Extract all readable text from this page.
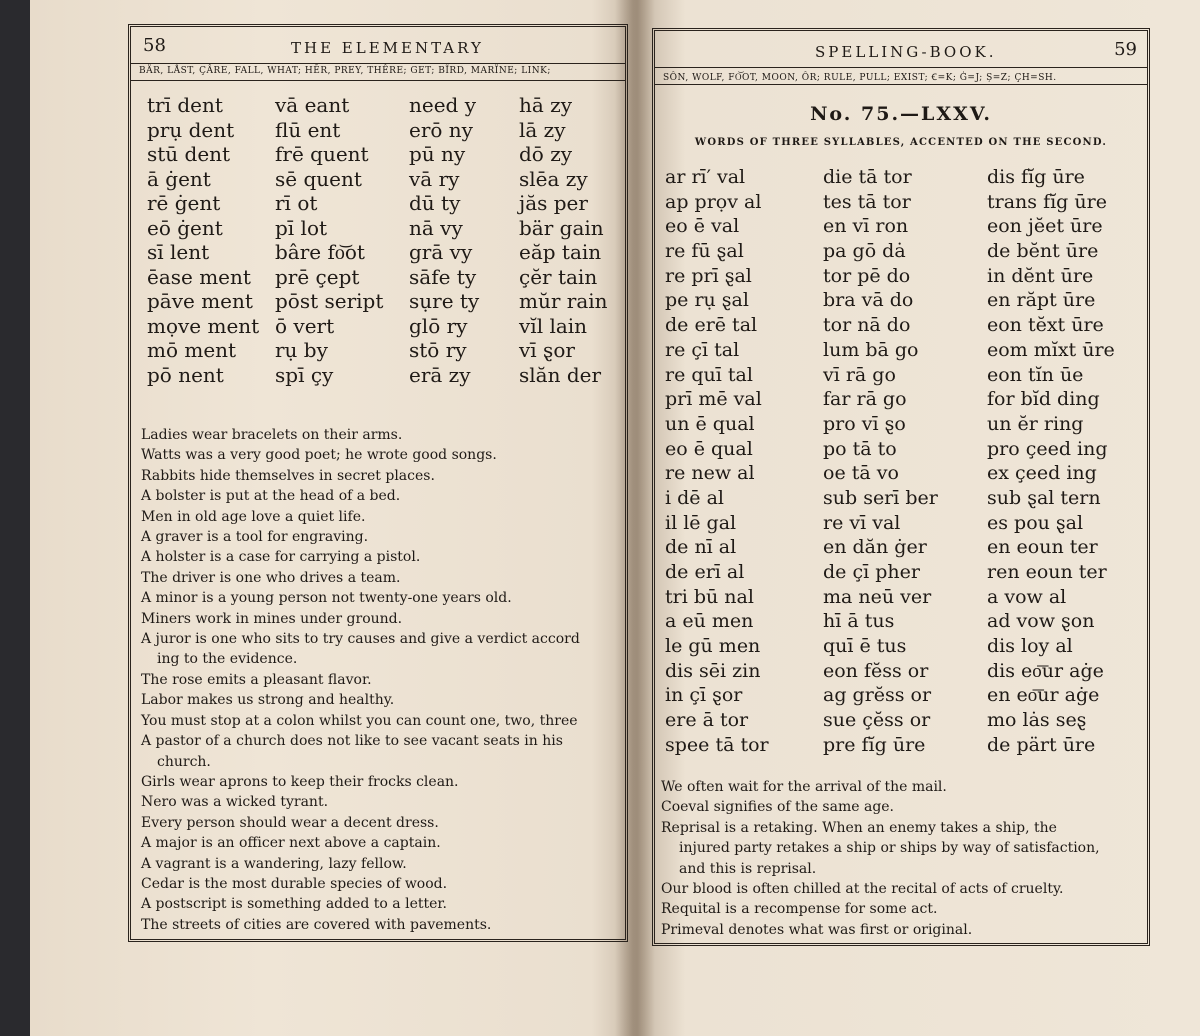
58	THE ELEMENTARY
BÄR, LÅST, ÇÂRE, FALL, WHAT; HẼR, PREY, THÊRE; GET; BĨRD, MARÏNE; LINK;
trī dent
prụ dent
stū dent
ā ġent
rē ġent
eō ġent
sī lent
ēase ment
pāve ment
mọve ment
mō ment
pō nent
vā eant
flū ent
frē quent
sē quent
rī ot
pī lot
bâre fo͝ot
prē çept
pōst seript
ō vert
rụ by
spī çy
need y
erō ny
pū ny
vā ry
dū ty
nā vy
grā vy
sāfe ty
sụre ty
glō ry
stō ry
erā zy
hā zy
lā zy
dō zy
slēa zy
jăs per
bär gain
eăp tain
çĕr tain
mŭr rain
vĭl lain
vī ȿor
slăn der
Ladies wear bracelets on their arms.
Watts was a very good poet; he wrote good songs.
Rabbits hide themselves in secret places.
A bolster is put at the head of a bed.
Men in old age love a quiet life.
A graver is a tool for engraving.
A holster is a case for carrying a pistol.
The driver is one who drives a team.
A minor is a young person not twenty-one years old.
Miners work in mines under ground.
A juror is one who sits to try causes and give a verdict accord
ing to the evidence.
The rose emits a pleasant flavor.
Labor makes us strong and healthy.
You must stop at a colon whilst you can count one, two, three
A pastor of a church does not like to see vacant seats in his
church.
Girls wear aprons to keep their frocks clean.
Nero was a wicked tyrant.
Every person should wear a decent dress.
A major is an officer next above a captain.
A vagrant is a wandering, lazy fellow.
Cedar is the most durable species of wood.
A postscript is something added to a letter.
The streets of cities are covered with pavements.
SPELLING-BOOK.	59
SÔN, WOLF, FO͝OT, MOON, ÔR; RULE, PULL; EXIST; Ꞓ=K; Ġ=J; Ș=Z; ÇH=SH.
No. 75.—LXXV.
WORDS OF THREE SYLLABLES, ACCENTED ON THE SECOND.
ar rī′ val
ap prọv al
eo ē val
re fū ȿal
re prī ȿal
pe rụ ȿal
de erē tal
re çī tal
re quī tal
prī mē val
un ē qual
eo ē qual
re new al
i dē al
il lē gal
de nī al
de erī al
tri bū nal
a eū men
le gū men
dis sēi zin
in çī ȿor
ere ā tor
spee tā tor
die tā tor
tes tā tor
en vī ron
pa gō dȧ
tor pē do
bra vā do
tor nā do
lum bā go
vī rā go
far rā go
pro vī ȿo
po tā to
oe tā vo
sub serī ber
re vī val
en dăn ġer
de çī pher
ma neū ver
hī ā tus
quī ē tus
eon fĕss or
ag grĕss or
sue çĕss or
pre fĭg ūre
dis fĭg ūre
trans fĭg ūre
eon jĕet ūre
de bĕnt ūre
in dĕnt ūre
en răpt ūre
eon tĕxt ūre
eom mĭxt ūre
eon tĭn ūe
for bĭd ding
un ĕr ring
pro çeed ing
ex çeed ing
sub ȿal tern
es pou ȿal
en eoun ter
ren eoun ter
a vow al
ad vow ȿon
dis loy al
dis eo͞ur aġe
en eo͞ur aġe
mo lȧs seȿ
de pärt ūre
We often wait for the arrival of the mail.
Coeval signifies of the same age.
Reprisal is a retaking. When an enemy takes a ship, the
injured party retakes a ship or ships by way of satisfaction,
and this is reprisal.
Our blood is often chilled at the recital of acts of cruelty.
Requital is a recompense for some act.
Primeval denotes what was first or original.
